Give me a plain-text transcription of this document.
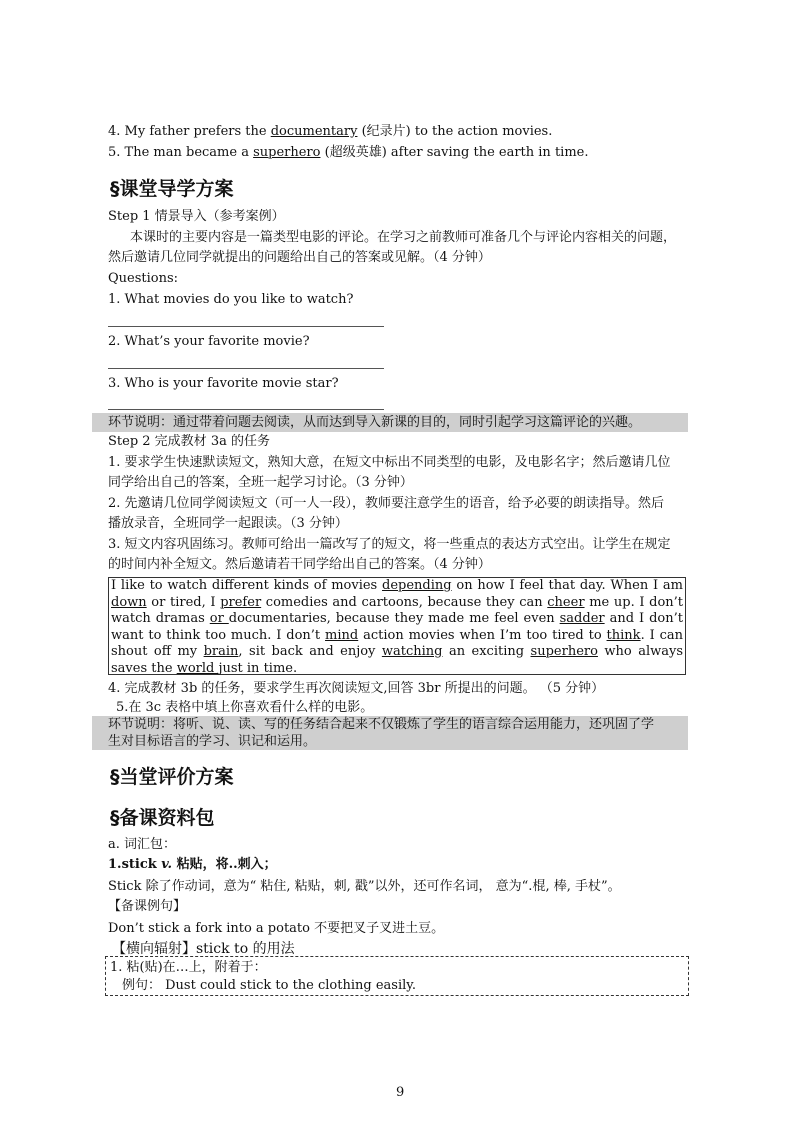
4. My father prefers the documentary (纪录片) to the action movies.
5. The man became a superhero (超级英雄) after saving the earth in time.
§课堂导学方案
Step 1 情景导入（参考案例）
本课时的主要内容是一篇类型电影的评论。在学习之前教师可准备几个与评论内容相关的问题，
然后邀请几位同学就提出的问题给出自己的答案或见解。（4 分钟）
Questions:
1. What movies do you like to watch?
2. What’s your favorite movie?
3. Who is your favorite movie star?
环节说明：通过带着问题去阅读，从而达到导入新课的目的，同时引起学习这篇评论的兴趣。
Step 2 完成教材 3a 的任务
1. 要求学生快速默读短文，熟知大意，在短文中标出不同类型的电影，及电影名字；然后邀请几位
同学给出自己的答案，全班一起学习讨论。（3 分钟）
2. 先邀请几位同学阅读短文（可一人一段），教师要注意学生的语音，给予必要的朗读指导。然后
播放录音，全班同学一起跟读。（3 分钟）
3. 短文内容巩固练习。教师可给出一篇改写了的短文，将一些重点的表达方式空出。让学生在规定
的时间内补全短文。然后邀请若干同学给出自己的答案。（4 分钟）
I like to watch different kinds of movies depending on how I feel that day. When I am down or tired, I prefer comedies and cartoons, because they can cheer me up. I don’t watch dramas or documentaries, because they made me feel even sadder and I don’t want to think too much. I don’t mind action movies when I’m too tired to think. I can shout off my brain, sit back and enjoy watching an exciting superhero who always saves the world just in time.
4. 完成教材 3b 的任务，要求学生再次阅读短文,回答 3br 所提出的问题。 （5 分钟）
5.在 3c 表格中填上你喜欢看什么样的电影。
环节说明：将听、说、读、写的任务结合起来不仅锻炼了学生的语言综合运用能力，还巩固了学
生对目标语言的学习、识记和运用。
§当堂评价方案
§备课资料包
a. 词汇包：
1.stick v. 粘贴，将..刺入；
Stick 除了作动词，意为“ 粘住, 粘贴，刺, 戳”以外，还可作名词， 意为“.棍, 棒, 手杖”。
【备课例句】
Don’t stick a fork into a potato 不要把叉子叉进土豆。
【横向辐射】stick to 的用法
1. 粘(贴)在…上，附着于：
例句： Dust could stick to the clothing easily.
9
